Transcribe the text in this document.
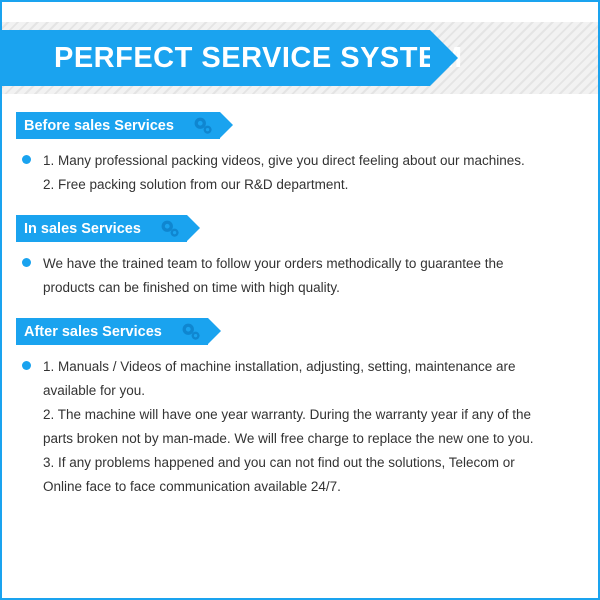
PERFECT SERVICE SYSTEM
Before sales Services
1. Many professional packing videos, give you direct feeling about our machines.
2. Free packing solution from our R&D department.
In sales Services
We have the trained team to follow your orders methodically to guarantee the
products can be finished on time with high quality.
After sales Services
1. Manuals / Videos of machine installation, adjusting, setting, maintenance are
available for you.
2. The machine will have one year warranty. During the warranty year if any of the
parts broken not by man-made. We will free charge to replace the new one to you.
3. If any problems happened and you can not find out the solutions, Telecom or
Online face to face communication available 24/7.
